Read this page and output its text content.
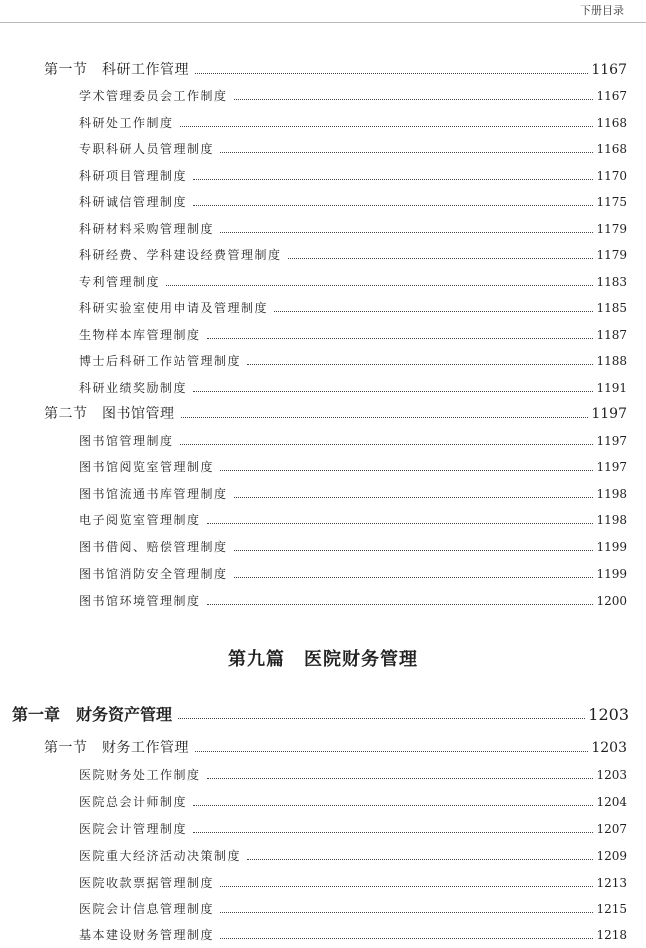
下册目录
第一节　科研工作管理	1167
学术管理委员会工作制度	1167
科研处工作制度	1168
专职科研人员管理制度	1168
科研项目管理制度	1170
科研诚信管理制度	1175
科研材料采购管理制度	1179
科研经费、学科建设经费管理制度	1179
专利管理制度	1183
科研实验室使用申请及管理制度	1185
生物样本库管理制度	1187
博士后科研工作站管理制度	1188
科研业绩奖励制度	1191
第二节　图书馆管理	1197
图书馆管理制度	1197
图书馆阅览室管理制度	1197
图书馆流通书库管理制度	1198
电子阅览室管理制度	1198
图书借阅、赔偿管理制度	1199
图书馆消防安全管理制度	1199
图书馆环境管理制度	1200
第九篇　医院财务管理
第一章　财务资产管理	1203
第一节　财务工作管理	1203
医院财务处工作制度	1203
医院总会计师制度	1204
医院会计管理制度	1207
医院重大经济活动决策制度	1209
医院收款票据管理制度	1213
医院会计信息管理制度	1215
基本建设财务管理制度	1218
